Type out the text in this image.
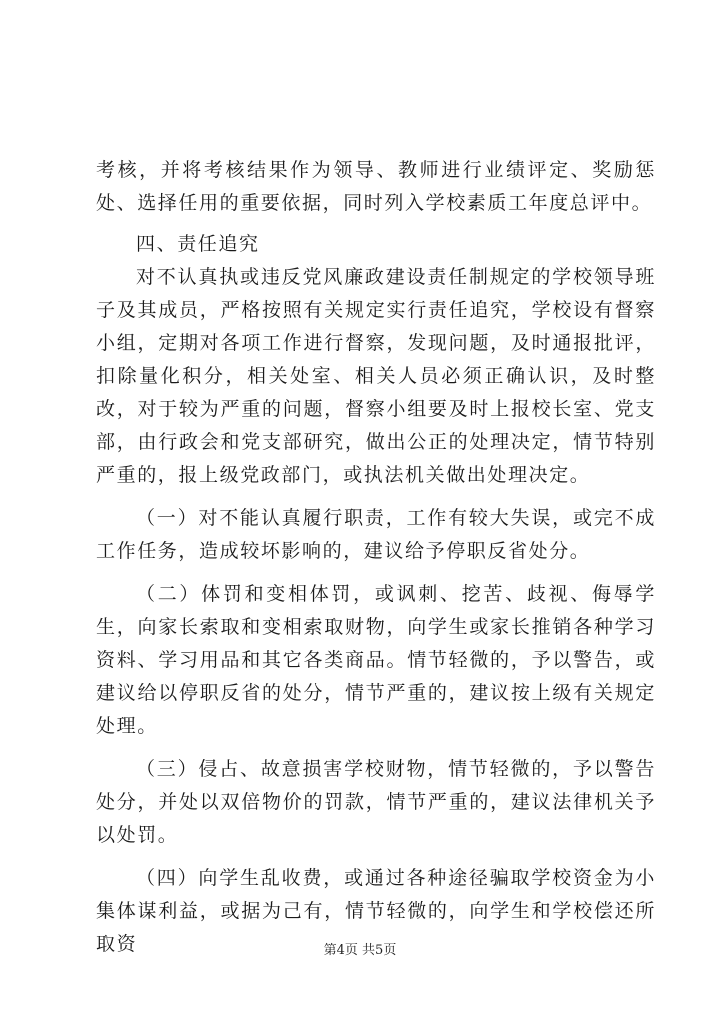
考核，并将考核结果作为领导、教师进行业绩评定、奖励惩处、选择任用的重要依据，同时列入学校素质工年度总评中。

四、责任追究

对不认真执或违反党风廉政建设责任制规定的学校领导班子及其成员，严格按照有关规定实行责任追究，学校设有督察小组，定期对各项工作进行督察，发现问题，及时通报批评，扣除量化积分，相关处室、相关人员必须正确认识，及时整改，对于较为严重的问题，督察小组要及时上报校长室、党支部，由行政会和党支部研究，做出公正的处理决定，情节特别严重的，报上级党政部门，或执法机关做出处理决定。

（一）对不能认真履行职责，工作有较大失误，或完不成工作任务，造成较坏影响的，建议给予停职反省处分。

（二）体罚和变相体罚，或讽刺、挖苦、歧视、侮辱学生，向家长索取和变相索取财物，向学生或家长推销各种学习资料、学习用品和其它各类商品。情节轻微的，予以警告，或建议给以停职反省的处分，情节严重的，建议按上级有关规定处理。

（三）侵占、故意损害学校财物，情节轻微的，予以警告处分，并处以双倍物价的罚款，情节严重的，建议法律机关予以处罚。

（四）向学生乱收费，或通过各种途径骗取学校资金为小集体谋利益，或据为己有，情节轻微的，向学生和学校偿还所取资	第4页 共5页
